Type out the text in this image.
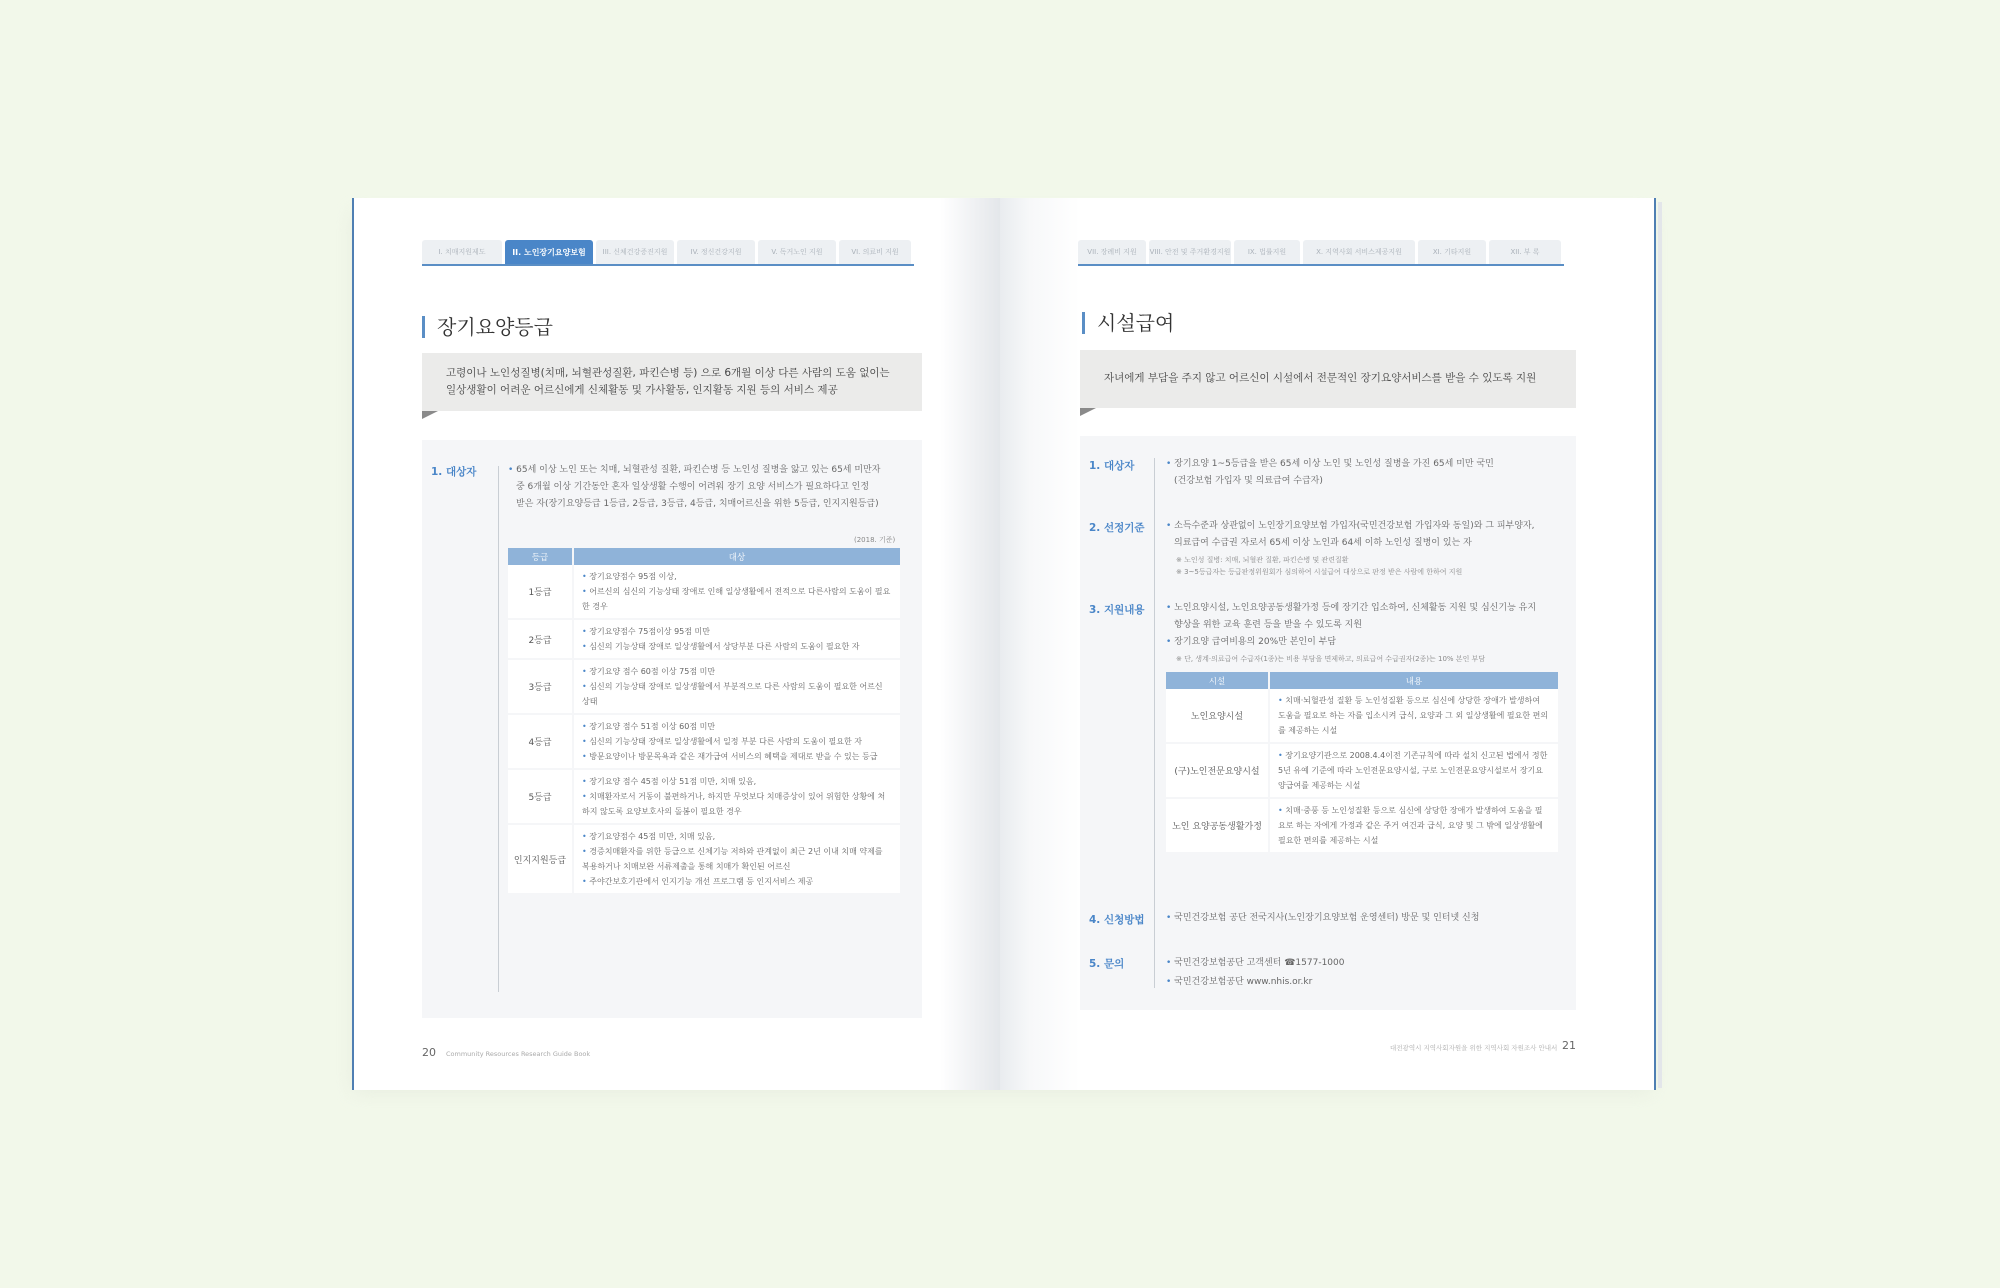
I. 치매지원제도	II. 노인장기요양보험	III. 신체건강증진지원	IV. 정신건강지원	V. 독거노인 지원	VI. 의료비 지원
장기요양등급
고령이나 노인성질병(치매, 뇌혈관성질환, 파킨슨병 등) 으로 6개월 이상 다른 사람의 도움 없이는
일상생활이 어려운 어르신에게 신체활동 및 가사활동, 인지활동 지원 등의 서비스 제공
1. 대상자	• 65세 이상 노인 또는 치매, 뇌혈관성 질환, 파킨슨병 등 노인성 질병을 앓고 있는 65세 미만자
중 6개월 이상 기간동안 혼자 일상생활 수행이 어려워 장기 요양 서비스가 필요하다고 인정
받은 자(장기요양등급 1등급, 2등급, 3등급, 4등급, 치매어르신을 위한 5등급, 인지지원등급)
(2018. 기준)
등급	대상
1등급	• 장기요양점수 95점 이상,
• 어르신의 심신의 기능상태 장애로 인해 일상생활에서 전적으로 다른사람의 도움이 필요한 경우

2등급	• 장기요양점수 75점이상 95점 미만
• 심신의 기능상태 장애로 일상생활에서 상당부분 다른 사람의 도움이 필요한 자

3등급	• 장기요양 점수 60점 이상 75점 미만
• 심신의 기능상태 장애로 일상생활에서 부분적으로 다른 사람의 도움이 필요한 어르신 상태

4등급	• 장기요양 점수 51점 이상 60점 미만
• 심신의 기능상태 장애로 일상생활에서 일정 부분 다른 사람의 도움이 필요한 자
• 방문요양이나 방문목욕과 같은 재가급여 서비스의 혜택을 제대로 받을 수 있는 등급

5등급	• 장기요양 점수 45점 이상 51점 미만, 치매 있음,
• 치매환자로서 거동이 불편하거나, 하지만 무엇보다 치매증상이 있어 위험한 상황에 처하지 않도록 요양보호사의 돌봄이 필요한 경우

인지지원등급	• 장기요양점수 45점 미만, 치매 있음,
• 경증치매환자를 위한 등급으로 신체기능 저하와 관계없이 최근 2년 이내 치매 약제를 복용하거나 치매보완 서류제출을 통해 치매가 확인된 어르신
• 주야간보호기관에서 인지기능 개선 프로그램 등 인지서비스 제공
20 Community Resources Research Guide Book
VII. 장례비 지원	VIII. 안전 및 주거환경지원	IX. 법률지원	X. 지역사회 서비스제공지원	XI. 기타지원	XII. 부 록
시설급여
자녀에게 부담을 주지 않고 어르신이 시설에서 전문적인 장기요양서비스를 받을 수 있도록 지원
1. 대상자	• 장기요양 1~5등급을 받은 65세 이상 노인 및 노인성 질병을 가진 65세 미만 국민
(건강보험 가입자 및 의료급여 수급자)
2. 선정기준	• 소득수준과 상관없이 노인장기요양보험 가입자(국민건강보험 가입자와 동일)와 그 피부양자,
의료급여 수급권 자로서 65세 이상 노인과 64세 이하 노인성 질병이 있는 자
※ 노인성 질병: 치매, 뇌혈관 질환, 파킨슨병 및 관련질환
※ 3~5등급자는 등급판정위원회가 심의하여 시설급여 대상으로 판정 받은 사람에 한하여 지원
3. 지원내용	• 노인요양시설, 노인요양공동생활가정 등에 장기간 입소하여, 신체활동 지원 및 심신기능 유지
향상을 위한 교육 훈련 등을 받을 수 있도록 지원
• 장기요양 급여비용의 20%만 본인이 부담
※ 단, 생계·의료급여 수급자(1종)는 비용 부담을 면제하고, 의료급여 수급권자(2종)는 10% 본인 부담
시설	내용
노인요양시설	• 치매·뇌혈관성 질환 등 노인성질환 등으로 심신에 상당한 장애가 발생하여 도움을 필요로 하는 자를 입소시켜 급식, 요양과 그 외 일상생활에 필요한 편의를 제공하는 시설

(구)노인전문요양시설	• 장기요양기관으로 2008.4.4이전 기존규칙에 따라 설치 신고된 법에서 정한 5년 유예 기준에 따라 노인전문요양시설, 구로 노인전문요양시설로서 장기요양급여를 제공하는 시설

노인 요양공동생활가정	• 치매·중풍 등 노인성질환 등으로 심신에 상당한 장애가 발생하여 도움을 필요로 하는 자에게 가정과 같은 주거 여건과 급식, 요양 및 그 밖에 일상생활에 필요한 편의를 제공하는 시설
4. 신청방법	• 국민건강보험 공단 전국지사(노인장기요양보험 운영센터) 방문 및 인터넷 신청
5. 문의	• 국민건강보험공단 고객센터 ☎1577-1000
• 국민건강보험공단 www.nhis.or.kr
대전광역시 지역사회자원을 위한 지역사회 자원조사 안내서 21
